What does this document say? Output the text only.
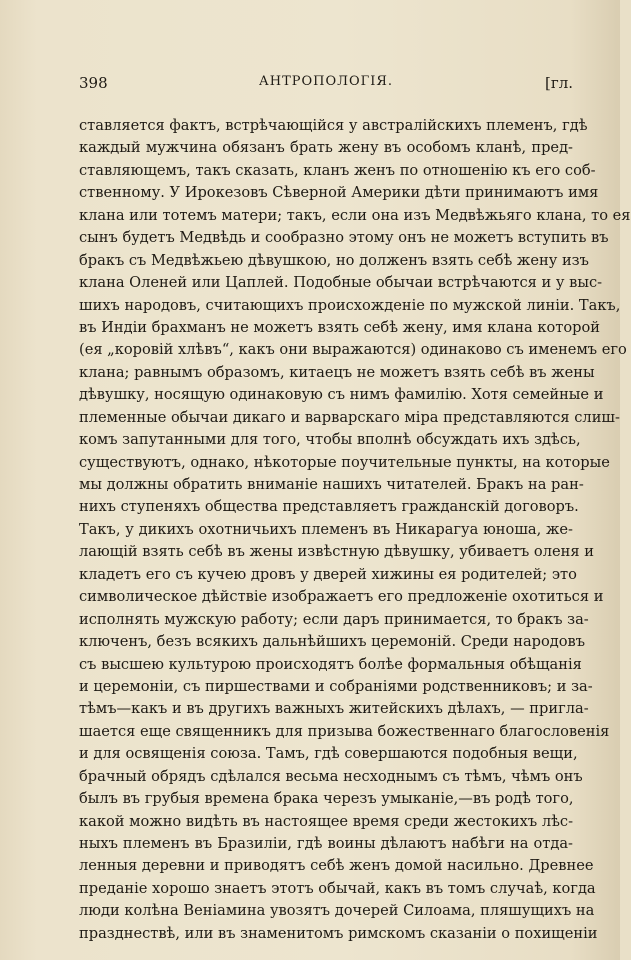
398	АНТРОПОЛОГІЯ.	[гл.
ставляется фактъ, встрѣчающійся у австралійскихъ племенъ, гдѣ
каждый мужчина обязанъ брать жену въ особомъ кланѣ, пред-
ставляющемъ, такъ сказать, кланъ женъ по отношенію къ его соб-
ственному. У Ирокезовъ Сѣверной Америки дѣти принимаютъ имя
клана или тотемъ матери; такъ, если она изъ Медвѣжьяго клана, то ея
сынъ будетъ Медвѣдь и сообразно этому онъ не можетъ вступить въ
бракъ съ Медвѣжьею дѣвушкою, но долженъ взять себѣ жену изъ
клана Оленей или Цаплей. Подобные обычаи встрѣчаются и у выс-
шихъ народовъ, считающихъ происхожденіе по мужской линіи. Такъ,
въ Индіи брахманъ не можетъ взять себѣ жену, имя клана которой
(ея „коровій хлѣвъ“, какъ они выражаются) одинаково съ именемъ его
клана; равнымъ образомъ, китаецъ не можетъ взять себѣ въ жены
дѣвушку, носящую одинаковую съ нимъ фамилію. Хотя семейные и
племенные обычаи дикаго и варварскаго міра представляются слиш-
комъ запутанными для того, чтобы вполнѣ обсуждать ихъ здѣсь,
существуютъ, однако, нѣкоторые поучительные пункты, на которые
мы должны обратить вниманіе нашихъ читателей. Бракъ на ран-
нихъ ступеняхъ общества представляетъ гражданскій договоръ.
Такъ, у дикихъ охотничьихъ племенъ въ Никарагуа юноша, же-
лающій взять себѣ въ жены извѣстную дѣвушку, убиваетъ оленя и
кладетъ его съ кучею дровъ у дверей хижины ея родителей; это
символическое дѣйствіе изображаетъ его предложеніе охотиться и
исполнять мужскую работу; если даръ принимается, то бракъ за-
ключенъ, безъ всякихъ дальнѣйшихъ церемоній. Среди народовъ
съ высшею культурою происходятъ болѣе формальныя обѣщанія
и церемоніи, съ пиршествами и собраніями родственниковъ; и за-
тѣмъ—какъ и въ другихъ важныхъ житейскихъ дѣлахъ, — пригла-
шается еще священникъ для призыва божественнаго благословенія
и для освященія союза. Тамъ, гдѣ совершаются подобныя вещи,
брачный обрядъ сдѣлался весьма несходнымъ съ тѣмъ, чѣмъ онъ
былъ въ грубыя времена брака черезъ умыканіе,—въ родѣ того,
какой можно видѣть въ настоящее время среди жестокихъ лѣс-
ныхъ племенъ въ Бразиліи, гдѣ воины дѣлаютъ набѣги на отда-
ленныя деревни и приводятъ себѣ женъ домой насильно. Древнее
преданіе хорошо знаетъ этотъ обычай, какъ въ томъ случаѣ, когда
люди колѣна Веніамина увозятъ дочерей Силоама, пляшущихъ на
празднествѣ, или въ знаменитомъ римскомъ сказаніи о похищеніи
